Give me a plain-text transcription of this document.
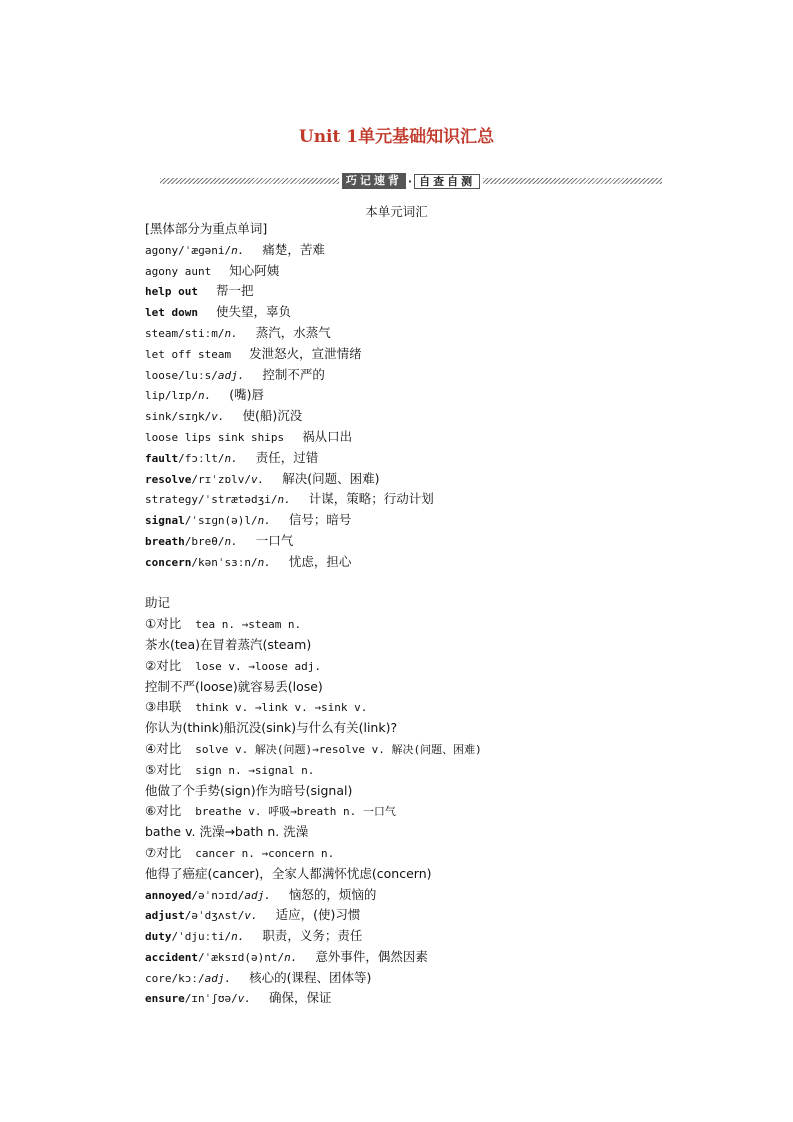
Unit 1单元基础知识汇总
巧记速背 · 自查自测
本单元词汇
[黑体部分为重点单词]
agony/ˈæɡəni/n. 痛楚，苦难
agony aunt 知心阿姨
help out 帮一把
let down 使失望，辜负
steam/stiːm/n. 蒸汽，水蒸气
let off steam 发泄怒火，宣泄情绪
loose/luːs/adj. 控制不严的
lip/lɪp/n. (嘴)唇
sink/sɪŋk/v. 使(船)沉没
loose lips sink ships 祸从口出
fault/fɔːlt/n. 责任，过错
resolve/rɪˈzɒlv/v. 解决(问题、困难)
strategy/ˈstrætədʒi/n. 计谋，策略；行动计划
signal/ˈsɪɡn(ə)l/n. 信号；暗号
breath/breθ/n. 一口气
concern/kənˈsɜːn/n. 忧虑，担心
助记
①对比 tea n. →steam n.
茶水(tea)在冒着蒸汽(steam)
②对比 lose v. →loose adj.
控制不严(loose)就容易丢(lose)
③串联 think v. →link v. →sink v.
你认为(think)船沉没(sink)与什么有关(link)?
④对比 solve v. 解决(问题)→resolve v. 解决(问题、困难)
⑤对比 sign n. →signal n.
他做了个手势(sign)作为暗号(signal)
⑥对比 breathe v. 呼吸→breath n. 一口气
bathe v. 洗澡→bath n. 洗澡
⑦对比 cancer n. →concern n.
他得了癌症(cancer)，全家人都满怀忧虑(concern)
annoyed/əˈnɔɪd/adj. 恼怒的，烦恼的
adjust/əˈdʒʌst/v. 适应，(使)习惯
duty/ˈdjuːti/n. 职责，义务；责任
accident/ˈæksɪd(ə)nt/n. 意外事件，偶然因素
core/kɔː/adj. 核心的(课程、团体等)
ensure/ɪnˈʃʊə/v. 确保，保证
